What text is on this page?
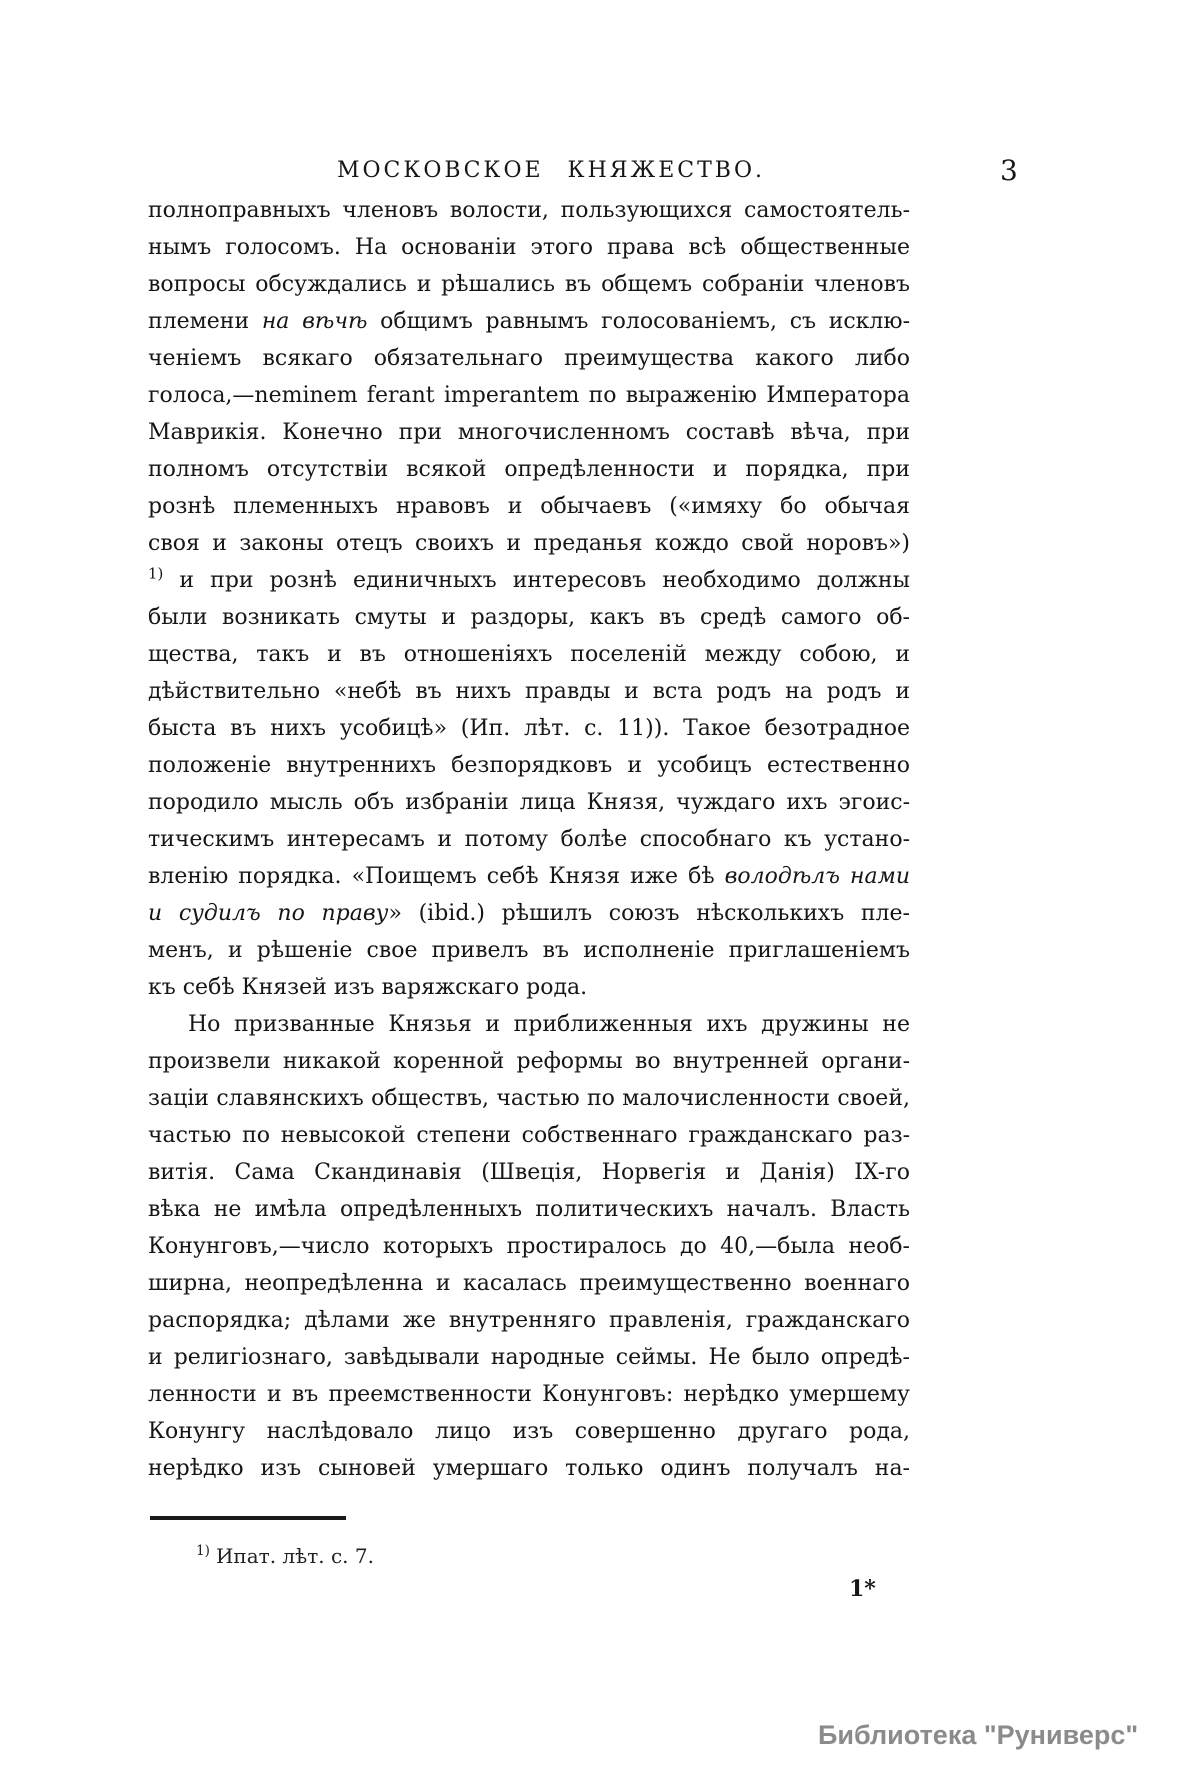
МОСКОВСКОЕ КНЯЖЕСТВО.	3
полноправныхъ членовъ волости, пользующихся самостоятель-
нымъ голосомъ. На основаніи этого права всѣ общественные
вопросы обсуждались и рѣшались въ общемъ собраніи членовъ
племени на вѣчѣ общимъ равнымъ голосованіемъ, съ исклю-
ченіемъ всякаго обязательнаго преимущества какого либо
голоса,—neminem ferant imperantem по выраженію Императора
Маврикія. Конечно при многочисленномъ составѣ вѣча, при
полномъ отсутствіи всякой опредѣленности и порядка, при
рознѣ племенныхъ нравовъ и обычаевъ («имяху бо обычая
своя и законы отецъ своихъ и преданья кождо свой норовъ»)
$^{1)}$ и при рознѣ единичныхъ интересовъ необходимо должны
были возникать смуты и раздоры, какъ въ средѣ самого об-
щества, такъ и въ отношеніяхъ поселеній между собою, и
дѣйствительно «небѣ въ нихъ правды и вста родъ на родъ и
быста въ нихъ усобицѣ» (Ип. лѣт. с. 11)). Такое безотрадное
положеніе внутреннихъ безпорядковъ и усобицъ естественно
породило мысль объ избраніи лица Князя, чуждаго ихъ эгоис-
тическимъ интересамъ и потому болѣе способнаго къ устано-
вленію порядка. «Поищемъ себѣ Князя иже бѣ володѣлъ нами
и судилъ по праву» (ibid.) рѣшилъ союзъ нѣсколькихъ пле-
менъ, и рѣшеніе свое привелъ въ исполненіе приглашеніемъ
къ себѣ Князей изъ варяжскаго рода.
Но призванные Князья и приближенныя ихъ дружины не
произвели никакой коренной реформы во внутренней органи-
заціи славянскихъ обществъ, частью по малочисленности своей,
частью по невысокой степени собственнаго гражданскаго раз-
витія. Сама Скандинавія (Швеція, Норвегія и Данія) IX-го
вѣка не имѣла опредѣленныхъ политическихъ началъ. Власть
Конунговъ,—число которыхъ простиралось до 40,—была необ-
ширна, неопредѣленна и касалась преимущественно военнаго
распорядка; дѣлами же внутренняго правленія, гражданскаго
и религіознаго, завѣдывали народные сеймы. Не было опредѣ-
ленности и въ преемственности Конунговъ: нерѣдко умершему
Конунгу наслѣдовало лицо изъ совершенно другаго рода,
нерѣдко изъ сыновей умершаго только одинъ получалъ на-
$^{1)}$ Ипат. лѣт. с. 7.
1*
Библиотека "Руниверс"
